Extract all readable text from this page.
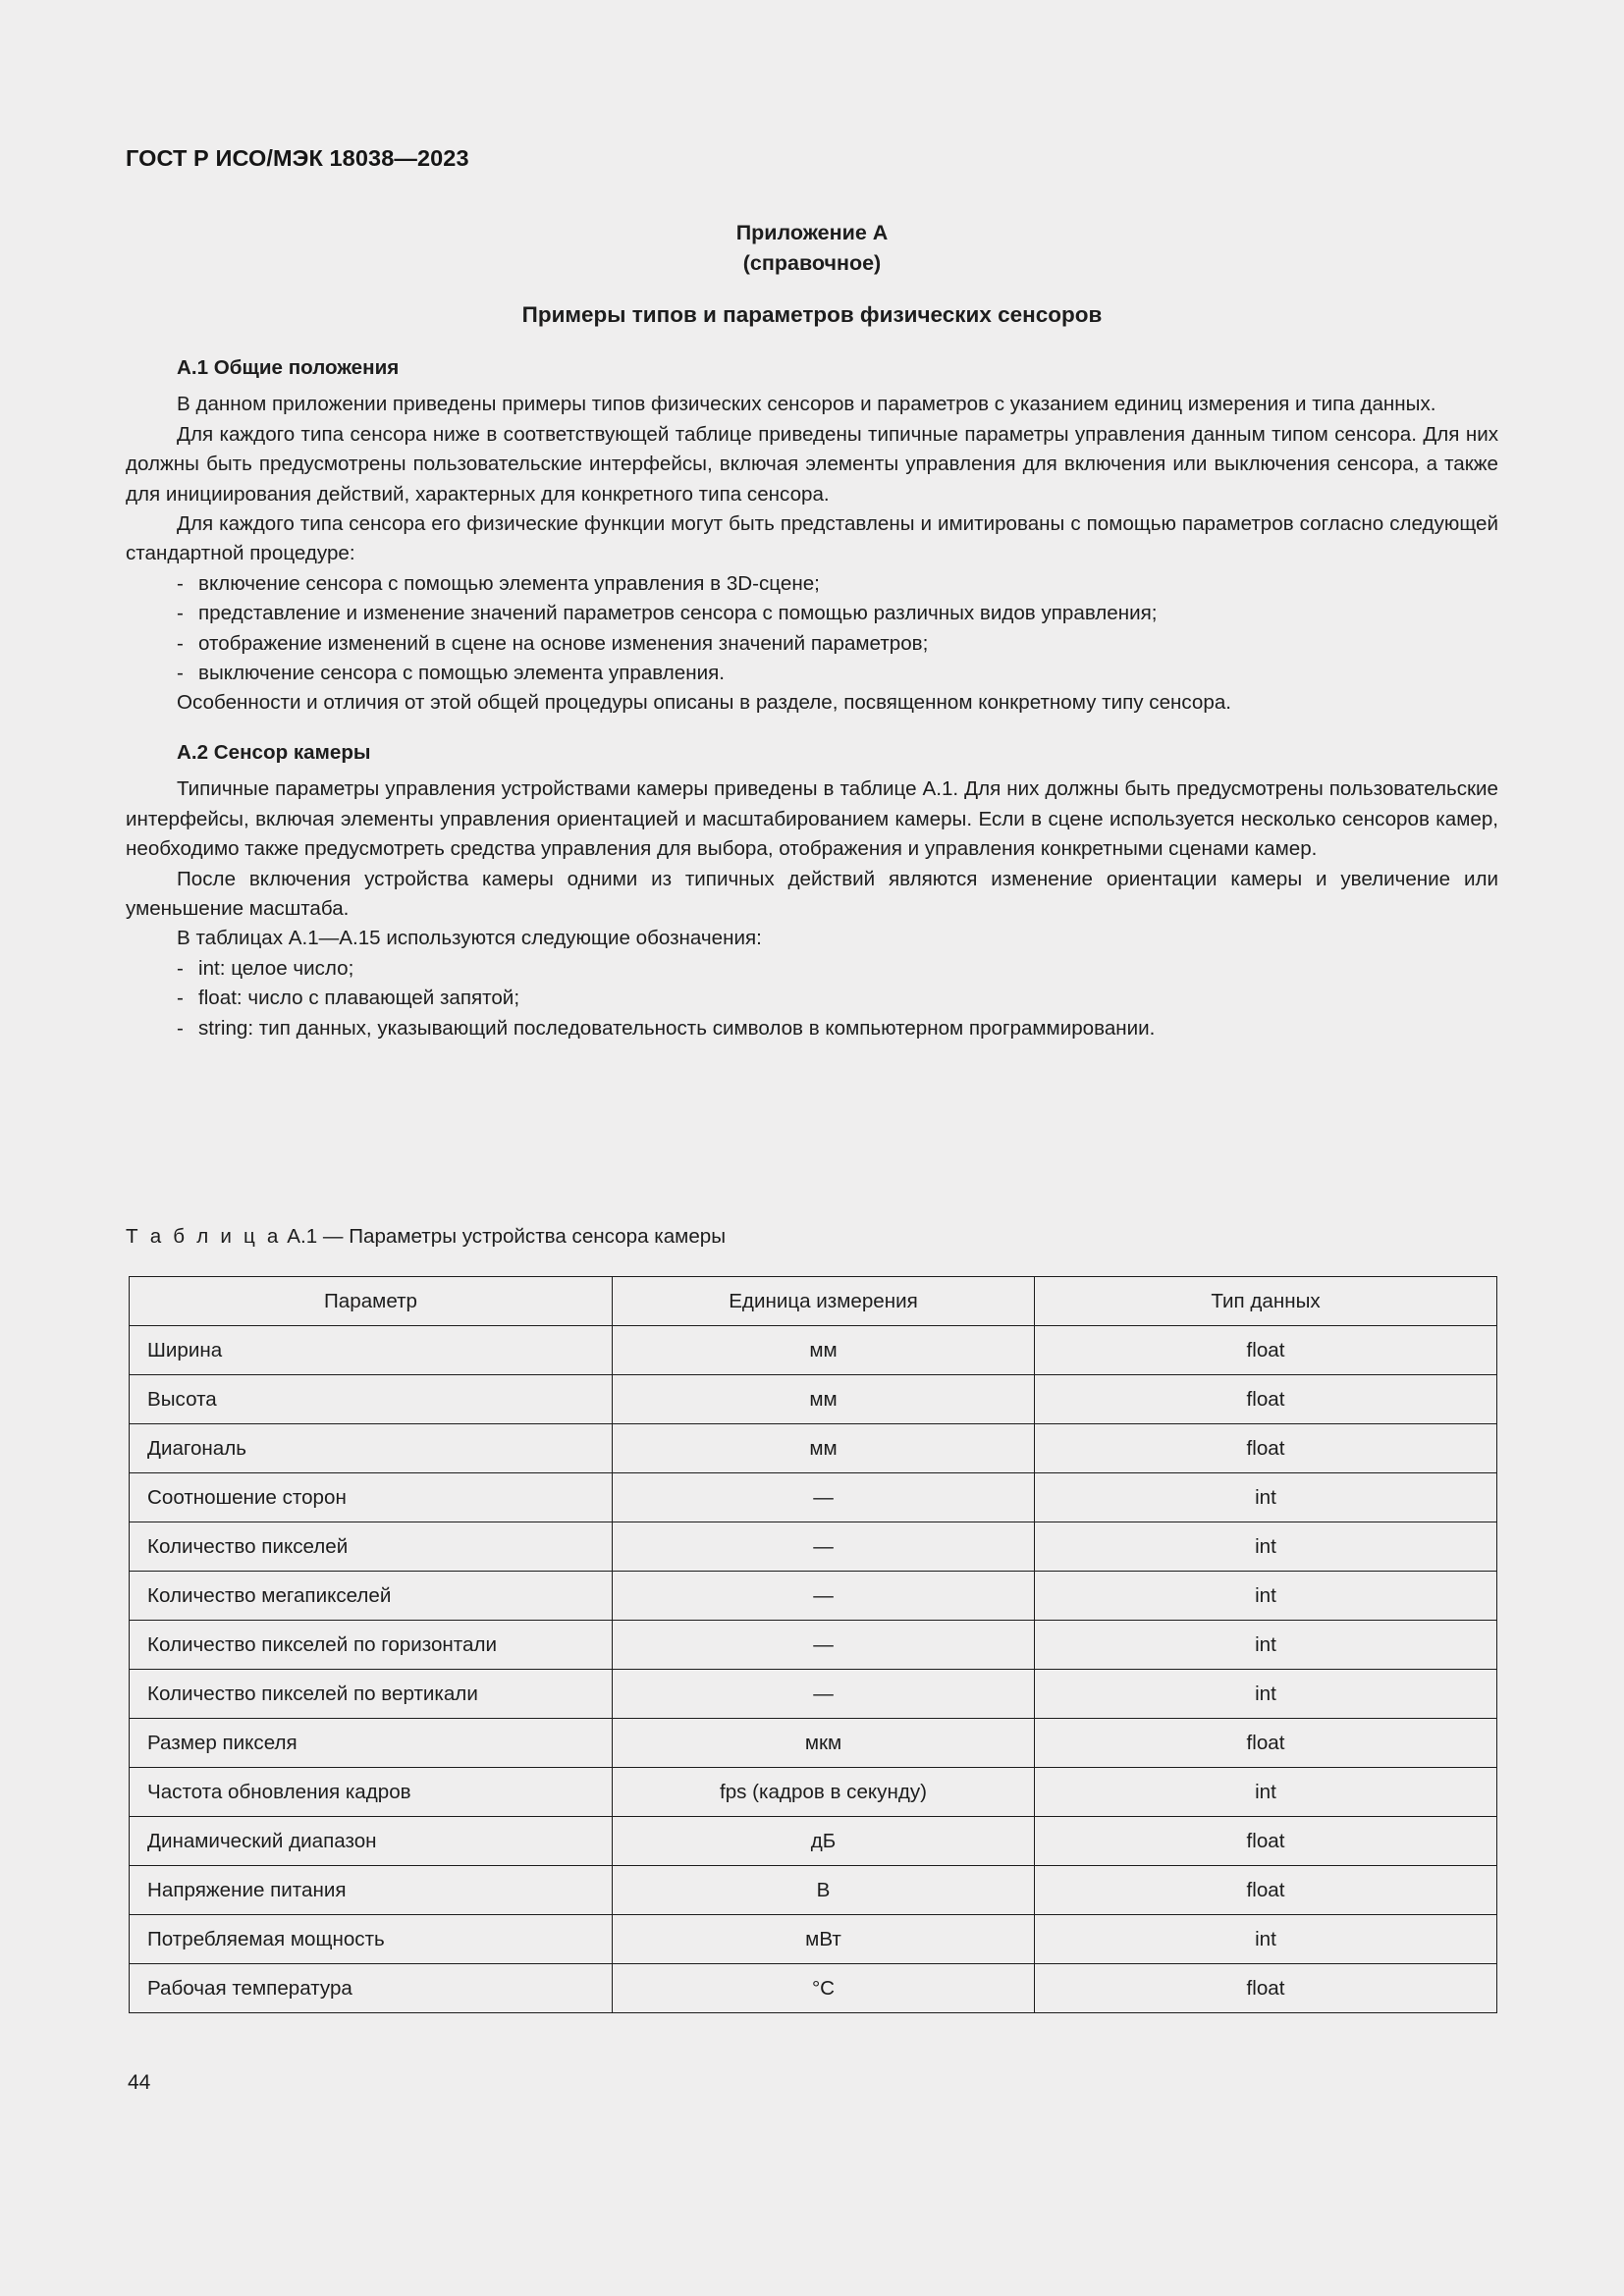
ГОСТ Р ИСО/МЭК 18038—2023
Приложение А
(справочное)
Примеры типов и параметров физических сенсоров

A.1 Общие положения

В данном приложении приведены примеры типов физических сенсоров и параметров с указанием единиц измерения и типа данных.

Для каждого типа сенсора ниже в соответствующей таблице приведены типичные параметры управления данным типом сенсора. Для них должны быть предусмотрены пользовательские интерфейсы, включая элементы управления для включения или выключения сенсора, а также для инициирования действий, характерных для конкретного типа сенсора.

Для каждого типа сенсора его физические функции могут быть представлены и имитированы с помощью параметров согласно следующей стандартной процедуре:

- включение сенсора с помощью элемента управления в 3D-сцене;
- представление и изменение значений параметров сенсора с помощью различных видов управления;
- отображение изменений в сцене на основе изменения значений параметров;
- выключение сенсора с помощью элемента управления.

Особенности и отличия от этой общей процедуры описаны в разделе, посвященном конкретному типу сенсора.

A.2 Сенсор камеры

Типичные параметры управления устройствами камеры приведены в таблице A.1. Для них должны быть предусмотрены пользовательские интерфейсы, включая элементы управления ориентацией и масштабированием камеры. Если в сцене используется несколько сенсоров камер, необходимо также предусмотреть средства управления для выбора, отображения и управления конкретными сценами камер.

После включения устройства камеры одними из типичных действий являются изменение ориентации камеры и увеличение или уменьшение масштаба.

В таблицах A.1—A.15 используются следующие обозначения:

- int: целое число;
- float: число с плавающей запятой;
- string: тип данных, указывающий последовательность символов в компьютерном программировании.
Т а б л и ц а A.1 — Параметры устройства сенсора камеры
Параметр	Единица измерения	Тип данных
Ширина	мм	float
Высота	мм	float
Диагональ	мм	float
Соотношение сторон	—	int
Количество пикселей	—	int
Количество мегапикселей	—	int
Количество пикселей по горизонтали	—	int
Количество пикселей по вертикали	—	int
Размер пикселя	мкм	float
Частота обновления кадров	fps (кадров в секунду)	int
Динамический диапазон	дБ	float
Напряжение питания	В	float
Потребляемая мощность	мВт	int
Рабочая температура	°C	float
44
